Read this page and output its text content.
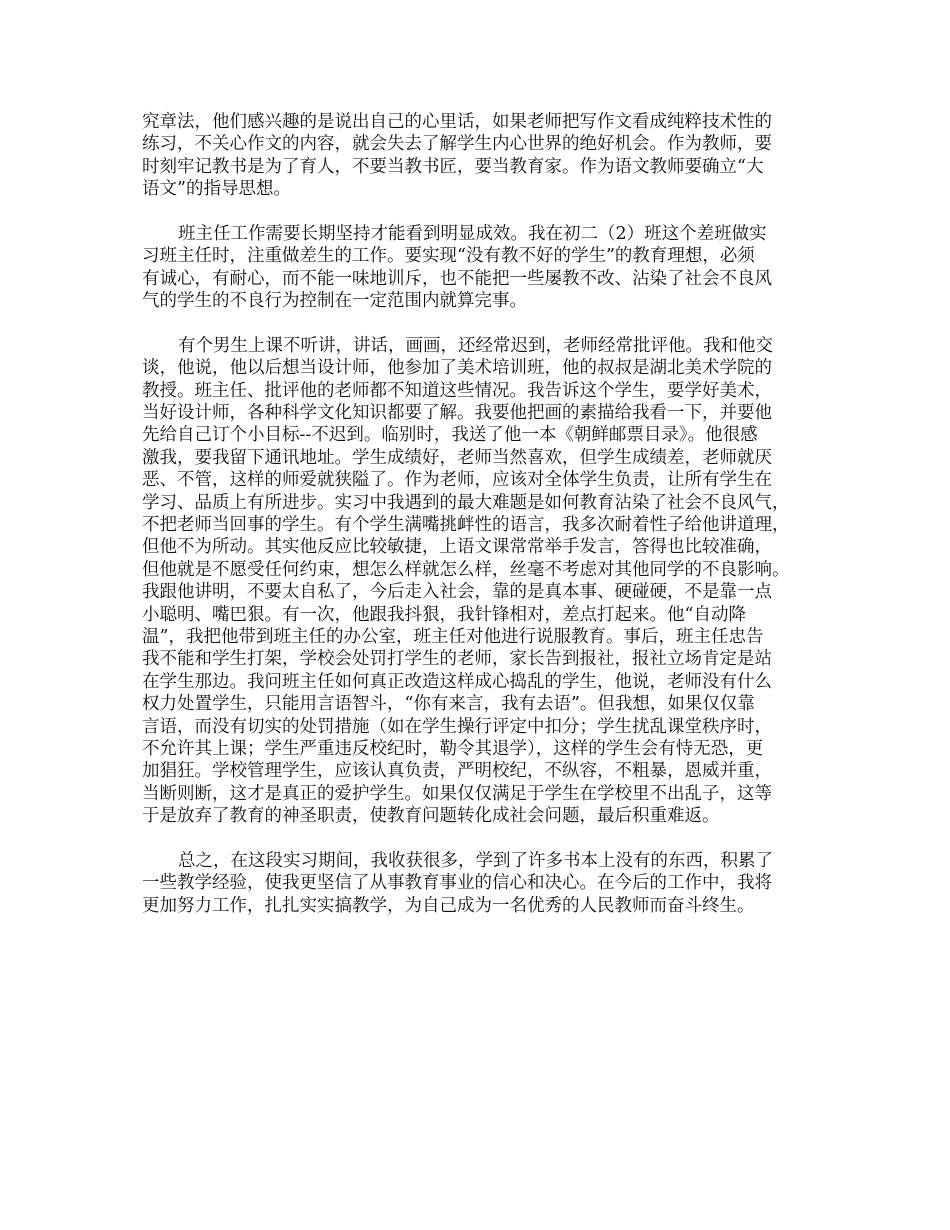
究章法，他们感兴趣的是说出自己的心里话，如果老师把写作文看成纯粹技术性的
练习，不关心作文的内容，就会失去了解学生内心世界的绝好机会。作为教师，要
时刻牢记教书是为了育人，不要当教书匠，要当教育家。作为语文教师要确立“大
语文”的指导思想。
班主任工作需要长期坚持才能看到明显成效。我在初二（2）班这个差班做实
习班主任时，注重做差生的工作。要实现“没有教不好的学生”的教育理想，必须
有诚心，有耐心，而不能一味地训斥，也不能把一些屡教不改、沾染了社会不良风
气的学生的不良行为控制在一定范围内就算完事。
有个男生上课不听讲，讲话，画画，还经常迟到，老师经常批评他。我和他交
谈，他说，他以后想当设计师，他参加了美术培训班，他的叔叔是湖北美术学院的
教授。班主任、批评他的老师都不知道这些情况。我告诉这个学生，要学好美术，
当好设计师，各种科学文化知识都要了解。我要他把画的素描给我看一下，并要他
先给自己订个小目标--不迟到。临别时，我送了他一本《朝鲜邮票目录》。他很感
激我，要我留下通讯地址。学生成绩好，老师当然喜欢，但学生成绩差，老师就厌
恶、不管，这样的师爱就狭隘了。作为老师，应该对全体学生负责，让所有学生在
学习、品质上有所进步。实习中我遇到的最大难题是如何教育沾染了社会不良风气，
不把老师当回事的学生。有个学生满嘴挑衅性的语言，我多次耐着性子给他讲道理，
但他不为所动。其实他反应比较敏捷，上语文课常常举手发言，答得也比较准确，
但他就是不愿受任何约束，想怎么样就怎么样，丝毫不考虑对其他同学的不良影响。
我跟他讲明，不要太自私了，今后走入社会，靠的是真本事、硬碰硬，不是靠一点
小聪明、嘴巴狠。有一次，他跟我抖狠，我针锋相对，差点打起来。他“自动降
温”，我把他带到班主任的办公室，班主任对他进行说服教育。事后，班主任忠告
我不能和学生打架，学校会处罚打学生的老师，家长告到报社，报社立场肯定是站
在学生那边。我问班主任如何真正改造这样成心捣乱的学生，他说，老师没有什么
权力处置学生，只能用言语智斗，“你有来言，我有去语”。但我想，如果仅仅靠
言语，而没有切实的处罚措施（如在学生操行评定中扣分；学生扰乱课堂秩序时，
不允许其上课；学生严重违反校纪时，勒令其退学），这样的学生会有恃无恐，更
加猖狂。学校管理学生，应该认真负责，严明校纪，不纵容，不粗暴，恩威并重，
当断则断，这才是真正的爱护学生。如果仅仅满足于学生在学校里不出乱子，这等
于是放弃了教育的神圣职责，使教育问题转化成社会问题，最后积重难返。
总之，在这段实习期间，我收获很多，学到了许多书本上没有的东西，积累了
一些教学经验，使我更坚信了从事教育事业的信心和决心。在今后的工作中，我将
更加努力工作，扎扎实实搞教学，为自己成为一名优秀的人民教师而奋斗终生。
